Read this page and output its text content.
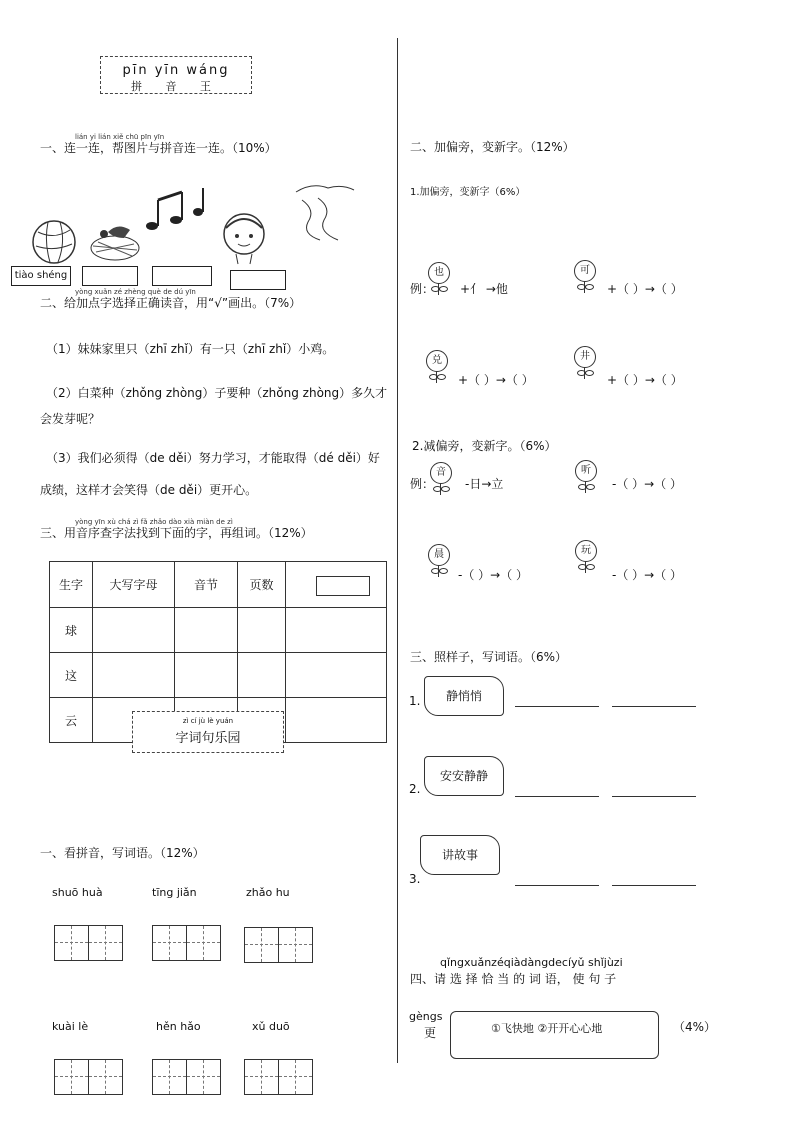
pīn yīn wáng
拼 音 王
lián yi lián xiě chū pīn yīn
一、连一连，帮图片与拼音连一连。（10%）
tiào shéng
yòng xuǎn zé zhèng què de dú yīn
二、给加点字选择正确读音，用“√”画出。（7%）
（1）妹妹家里只（zhī zhǐ）有一只（zhī zhǐ）小鸡。
（2）白菜种（zhǒng zhòng）子要种（zhǒng zhòng）多久才
会发芽呢？
（3）我们必须得（de děi）努力学习，才能取得（dé děi）好
成绩，这样才会笑得（de děi）更开心。
yòng yīn xù chá zì fǎ zhǎo dào xià miàn de zì
三、用音序查字法找到下面的字，再组词。（12%）
生字	大写字母	音节	页数	

球				
这				
云					zì cí jù lè yuán
字词句乐园
一、看拼音，写词语。（12%）
shuō huà	tīng jiǎn	zhǎo hu
kuài lè	hěn hǎo	xǔ duō
二、加偏旁，变新字。（12%）
1.加偏旁，变新字（6%）
例：
也
+亻 →他
可
+（ ）→（ ）
兑
+（ ）→（ ）
井
+（ ）→（ ）
2.减偏旁，变新字。（6%）
例：
音
-日→立
听
-（ ）→（ ）
晨
-（ ）→（ ）
玩
-（ ）→（ ）
三、照样子，写词语。（6%）
1.	静悄悄
2.
安安静静
3.
讲故事
qǐngxuǎnzéqiàdàngdecíyǔ shǐjùzi
四、请 选 择 恰 当 的 词 语， 使 句 子
gèngs
更	①飞快地 ②开开心心地	（4%）
